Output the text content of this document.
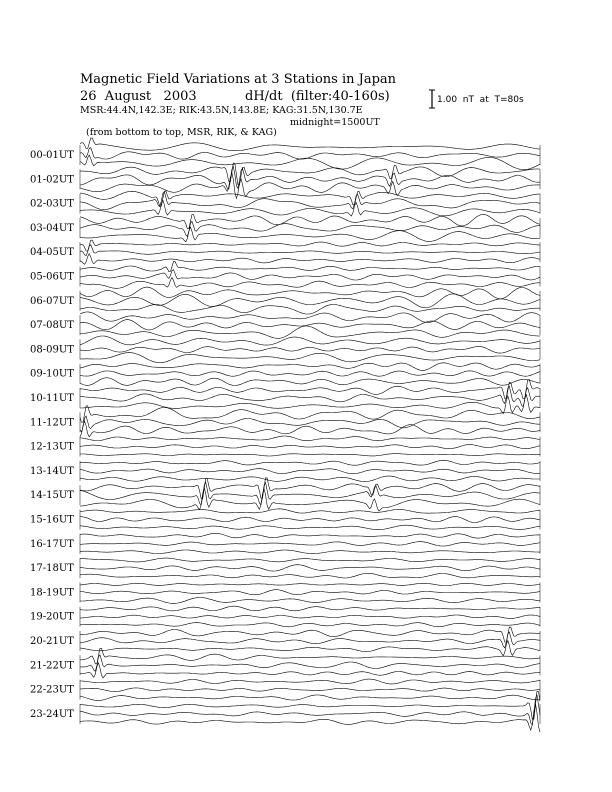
Magnetic Field Variations at 3 Stations in Japan

26  August   2003

	dH/dt  (filter:40-160s)

MSR:44.4N,142.3E; RIK:43.5N,143.8E; KAG:31.5N,130.7E

(from bottom to top, MSR, RIK, & KAG)

midnight=1500UT

1.00  nT  at  T=80s
00-01UT
01-02UT
02-03UT
03-04UT
04-05UT
05-06UT
06-07UT
07-08UT
08-09UT
09-10UT
10-11UT
11-12UT
12-13UT
13-14UT
14-15UT
15-16UT
16-17UT
17-18UT
18-19UT
19-20UT
20-21UT
21-22UT
22-23UT
23-24UT
